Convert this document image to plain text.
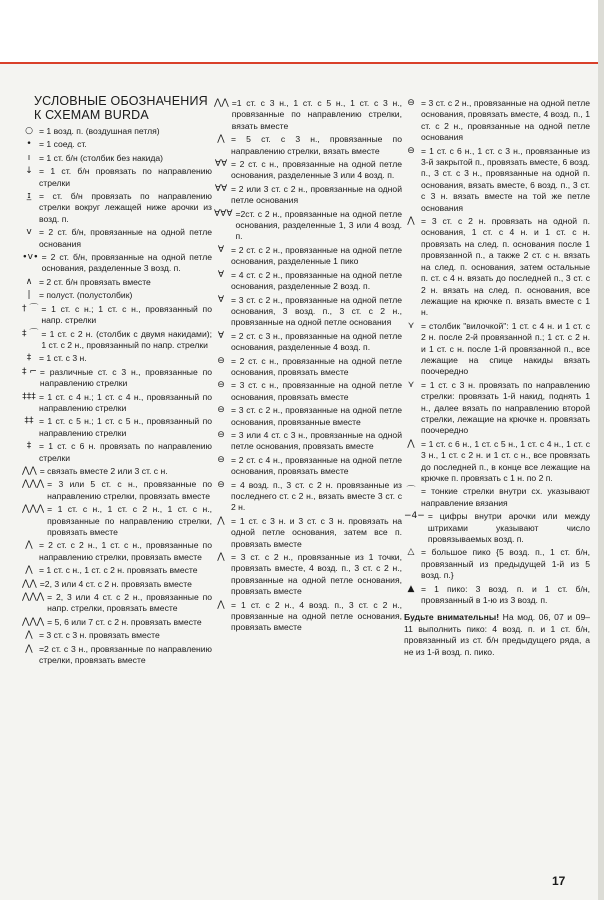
УСЛОВНЫЕ ОБОЗНАЧЕНИЯ
К СХЕМАМ BURDA
○ = 1 возд. п. (воздушная петля)
• = 1 соед. ст.
ı	= 1 ст. б/н (столбик без накида)
↓ = 1 ст. б/н провязать по направлению стрелки
ɪ̲ = ст. б/н провязать по направлению стрелки вокруг лежащей ниже арочки из возд. п.
v = 2 ст. б/н, провязанные на одной петле основания
∙v∙ = 2 ст. б/н, провязанные на одной петле основания, разделенные 3 возд. п.
∧ = 2 ст. б/н провязать вместе
| = полуст. (полустолбик)
† ⌒ = 1 ст. с н.; 1 ст. с н., провязанный по напр. стрелки
‡ ⌒ = 1 ст. с 2 н. (столбик с двумя накидами); 1 ст. с 2 н., провязанный по напр. стрелки
‡ = 1 ст. с 3 н.
‡ ⌐ = различные ст. с 3 н., провязанные по направлению стрелки
‡‡‡ = 1 ст. с 4 н.; 1 ст. с 4 н., провязанный по направлению стрелки
‡‡ = 1 ст. с 5 н.; 1 ст. с 5 н., провязанный по направлению стрелки
‡ = 1 ст. с 6 н. провязать по направлению стрелки
⋀⋀ = связать вместе 2 или 3 ст. с н.
⋀⋀⋀ = 3 или 5 ст. с н., провязанные по направлению стрелки, провязать вместе
⋀⋀⋀ = 1 ст. с н., 1 ст. с 2 н., 1 ст. с н., провязанные по направлению стрелки, провязать вместе
⋀ = 2 ст. с 2 н., 1 ст. с н., провязанные по направлению стрелки, провязать вместе
⋀ = 1 ст. с н., 1 ст. с 2 н. провязать вместе
⋀⋀ =2, 3 или 4 ст. с 2 н. провязать вместе
⋀⋀⋀ = 2, 3 или 4 ст. с 2 н., провязанные по напр. стрелки, провязать вместе
⋀⋀⋀ = 5, 6 или 7 ст. с 2 н. провязать вместе
⋀ = 3 ст. с 3 н. провязать вместе
⋀ =2 ст. с 3 н., провязанные по направлению стрелки, провязать вместе
⋀⋀ =1 ст. с 3 н., 1 ст. с 5 н., 1 ст. с 3 н., провязанные по направлению стрелки, вязать вместе
⋀ = 5 ст. с 3 н., провязанные по направлению стрелки, вязать вместе
∀∀ = 2 ст. с н., провязанные на одной петле основания, разделенные 3 или 4 возд. п.
∀∀ = 2 или 3 ст. с 2 н., провязанные на одной петле основания
∀∀∀ =2ст. с 2 н., провязанные на одной петле основания, разделенные 1, 3 или 4 возд. п.
∀ = 2 ст. с 2 н., провязанные на одной петле основания, разделенные 1 пико
∀ = 4 ст. с 2 н., провязанные на одной петле основания, разделенные 2 возд. п.
∀ = 3 ст. с 2 н., провязанные на одной петле основания, 3 возд. п., 3 ст. с 2 н., провязанные на одной петле основания
∀ = 2 ст. с 3 н., провязанные на одной петле основания, разделенные 4 возд. п.
⊖ = 2 ст. с н., провязанные на одной петле основания, провязать вместе
⊖ = 3 ст. с н., провязанные на одной петле основания, провязать вместе
⊖ = 3 ст. с 2 н., провязанные на одной петле основания, провязанные вместе
⊖ = 3 или 4 ст. с 3 н., провязанные на одной петле основания, провязать вместе
⊖ = 2 ст. с 4 н., провязанные на одной петле основания, провязать вместе
⊖ = 4 возд. п., 3 ст. с 2 н. провязанные из последнего ст. с 2 н., вязать вместе 3 ст. с 2 н.
⋀ = 1 ст. с 3 н. и 3 ст. с 3 н. провязать на одной петле основания, затем все п. провязать вместе
⋀ = 3 ст. с 2 н., провязанные из 1 точки, провязать вместе, 4 возд. п., 3 ст. с 2 н., провязанные на одной петле основания, провязать вместе
⋀ = 1 ст. с 2 н., 4 возд. п., 3 ст. с 2 н., провязанные на одной петле основания, провязать вместе
⊖ = 3 ст. с 2 н., провязанные на одной петле основания, провязать вместе, 4 возд. п., 1 ст. с 2 н., провязанные на одной петле основания
⊖ = 1 ст. с 6 н., 1 ст. с 3 н., провязанные из 3-й закрытой п., провязать вместе, 6 возд. п., 3 ст. с 3 н., провязанные на одной п. основания, вязать вместе, 6 возд. п., 3 ст. с 3 н. вязать вместе на той же петле основания
⋀ = 3 ст. с 2 н. провязать на одной п. основания, 1 ст. с 4 н. и 1 ст. с н. провязать на след. п. основания после 1 провязанной п., а также 2 ст. с н. вязать на след. п. основания, затем остальные п. ст. с 4 н. вязать до последней п., 3 ст. с 2 н. вязать на след. п. основания, все лежащие на крючке п. вязать вместе с 1 н.
⋎ = столбик "вилочкой": 1 ст. с 4 н. и 1 ст. с 2 н. после 2-й провязанной п.; 1 ст. с 2 н. и 1 ст. с н. после 1-й провязанной п., все лежащие на спице накиды вязать поочередно
⋎ = 1 ст. с 3 н. провязать по направлению стрелки: провязать 1-й накид, поднять 1 н., далее вязать по направлению второй стрелки, лежащие на крючке н. провязать поочередно
⋀ = 1 ст. с 6 н., 1 ст. с 5 н., 1 ст. с 4 н., 1 ст. с 3 н., 1 ст. с 2 н. и 1 ст. с н., все провязать до последней п., в конце все лежащие на крючке п. провязать с 1 н. по 2 п.
⌒ = тонкие стрелки внутри сх. указывают направление вязания
−4− = цифры внутри арочки или между штрихами указывают число провязываемых возд. п.
△ = большое пико {5 возд. п., 1 ст. б/н, провязанный из предыдущей 1-й из 5 возд. п.}
▲ = 1 пико: 3 возд. п. и 1 ст. б/н, провязанный в 1-ю из 3 возд. п.
Будьте внимательны! На мод. 06, 07 и 09–11 выполнить пико: 4 возд. п. и 1 ст. б/н, провязанный из ст. б/н предыдущего ряда, а не из 1-й возд. п. пико.
17
